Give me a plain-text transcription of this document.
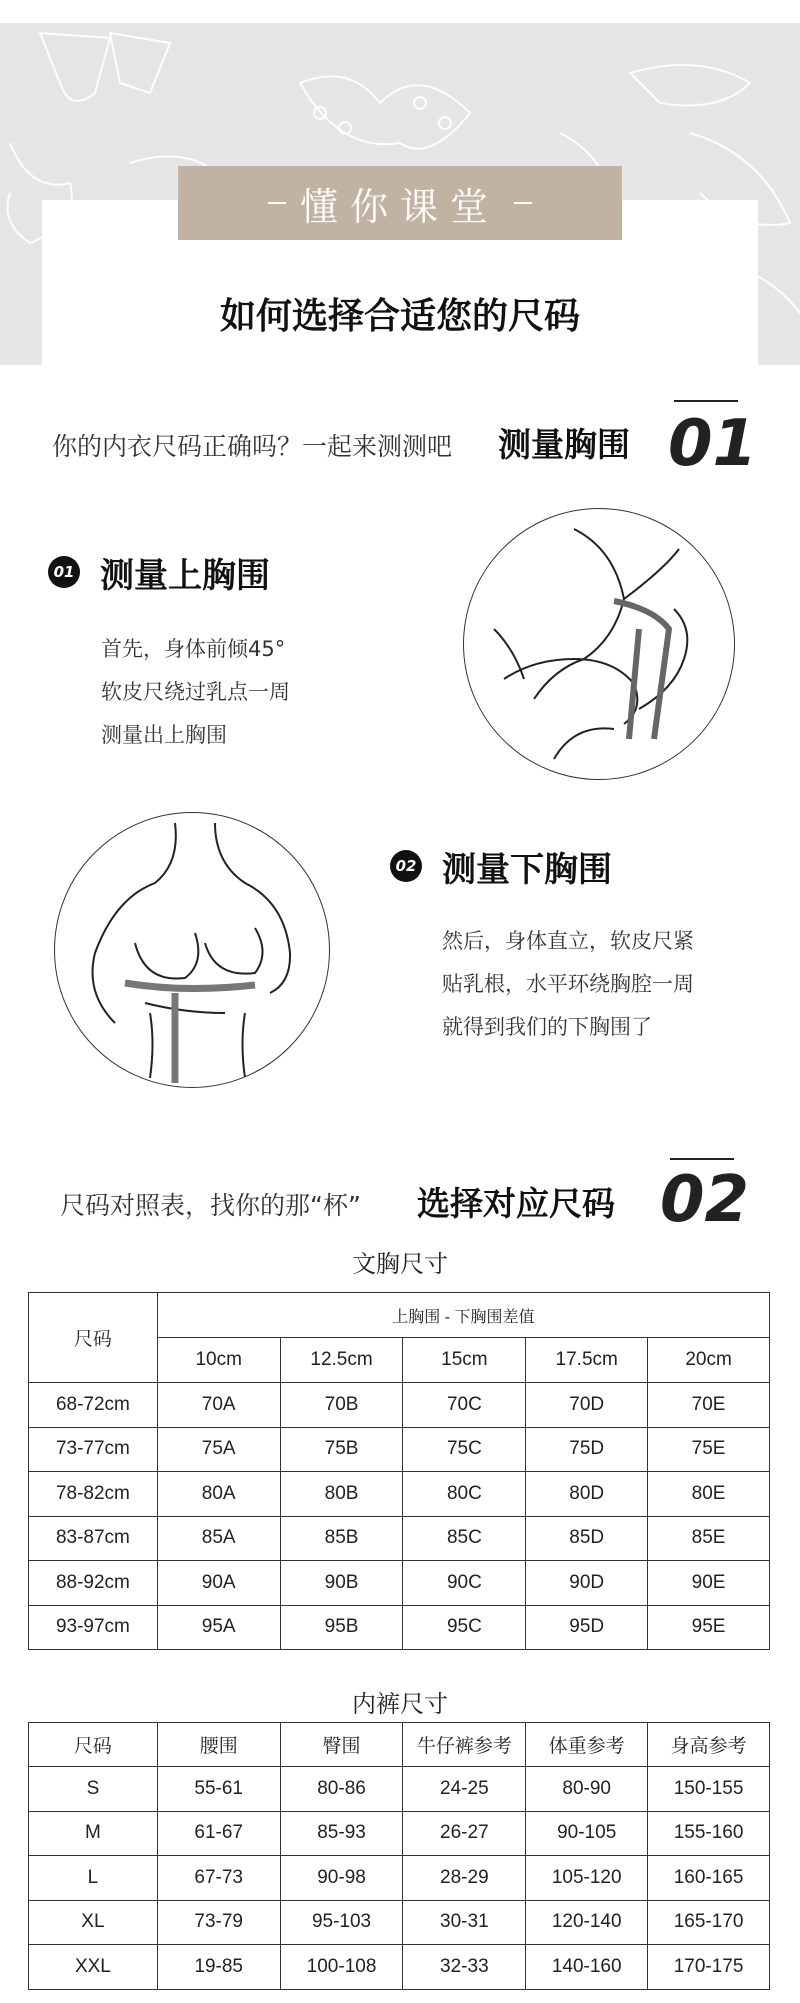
懂你课堂
如何选择合适您的尺码
你的内衣尺码正确吗？一起来测测吧 测量胸围 01
01 测量上胸围
首先，身体前倾45°
软皮尺绕过乳点一周
测量出上胸围
02 测量下胸围
然后，身体直立，软皮尺紧
贴乳根，水平环绕胸腔一周
就得到我们的下胸围了
尺码对照表，找你的那“杯” 选择对应尺码 02
文胸尺寸
尺码	上胸围 - 下胸围差值				
	10cm	12.5cm	15cm	17.5cm	20cm
68-72cm	70A	70B	70C	70D	70E
73-77cm	75A	75B	75C	75D	75E
78-82cm	80A	80B	80C	80D	80E
83-87cm	85A	85B	85C	85D	85E
88-92cm	90A	90B	90C	90D	90E
93-97cm	95A	95B	95C	95D	95E
内裤尺寸
尺码	腰围	臀围	牛仔裤参考	体重参考	身高参考
S	55-61	80-86	24-25	80-90	150-155
M	61-67	85-93	26-27	90-105	155-160
L	67-73	90-98	28-29	105-120	160-165
XL	73-79	95-103	30-31	120-140	165-170
XXL	19-85	100-108	32-33	140-160	170-175
